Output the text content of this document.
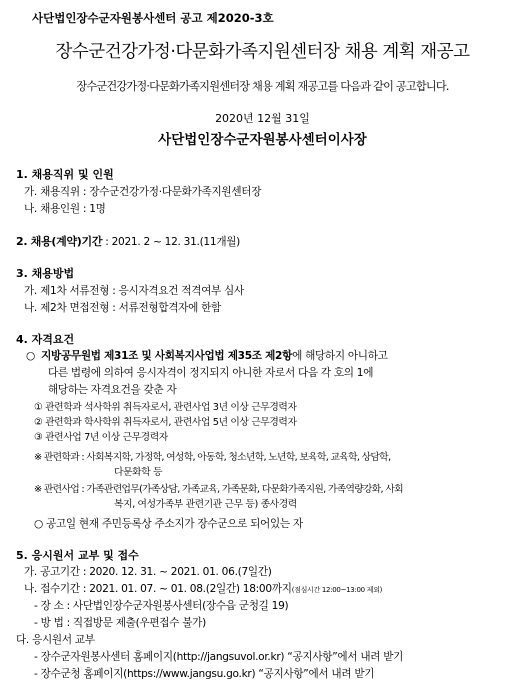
사단법인장수군자원봉사센터 공고 제2020-3호
장수군건강가정·다문화가족지원센터장 채용 계획 재공고
장수군건강가정·다문화가족지원센터장 채용 계획 재공고를 다음과 같이 공고합니다.
2020년 12월 31일
사단법인장수군자원봉사센터이사장
1. 채용직위 및 인원
가. 채용직위 : 장수군건강가정·다문화가족지원센터장
나. 채용인원 : 1명
2. 채용(계약)기간 : 2021. 2 ~ 12. 31.(11개월)
3. 채용방법
가. 제1차 서류전형 : 응시자격요건 적격여부 심사
나. 제2차 면접전형 : 서류전형합격자에 한함
4. 자격요건
○ 지방공무원법 제31조 및 사회복지사업법 제35조 제2항에 해당하지 아니하고
다른 법령에 의하여 응시자격이 정지되지 아니한 자로서 다음 각 호의 1에
해당하는 자격요건을 갖춘 자
① 관련학과 석사학위 취득자로서, 관련사업 3년 이상 근무경력자
② 관련학과 학사학위 취득자로서, 관련사업 5년 이상 근무경력자
③ 관련사업 7년 이상 근무경력자
※ 관련학과 : 사회복지학, 가정학, 여성학, 아동학, 청소년학, 노년학, 보육학, 교육학, 상담학,
다문화학 등
※ 관련사업 : 가족관련업무(가족상담, 가족교육, 가족문화, 다문화가족지원, 가족역량강화, 사회
복지, 여성가족부 관련기관 근무 등) 종사경력
○ 공고일 현재 주민등록상 주소지가 장수군으로 되어있는 자
5. 응시원서 교부 및 접수
가. 공고기간 : 2020. 12. 31. ~ 2021. 01. 06.(7일간)
나. 접수기간 : 2021. 01. 07. ~ 01. 08.(2일간) 18:00까지(점심시간 12:00~13:00 제외)
- 장 소 : 사단법인장수군자원봉사센터(장수읍 군청길 19)
- 방 법 : 직접방문 제출(우편접수 불가)
다. 응시원서 교부
- 장수군자원봉사센터 홈페이지(http://jangsuvol.or.kr) “공지사항”에서 내려 받기
- 장수군청 홈페이지(https://www.jangsu.go.kr) “공지사항”에서 내려 받기
